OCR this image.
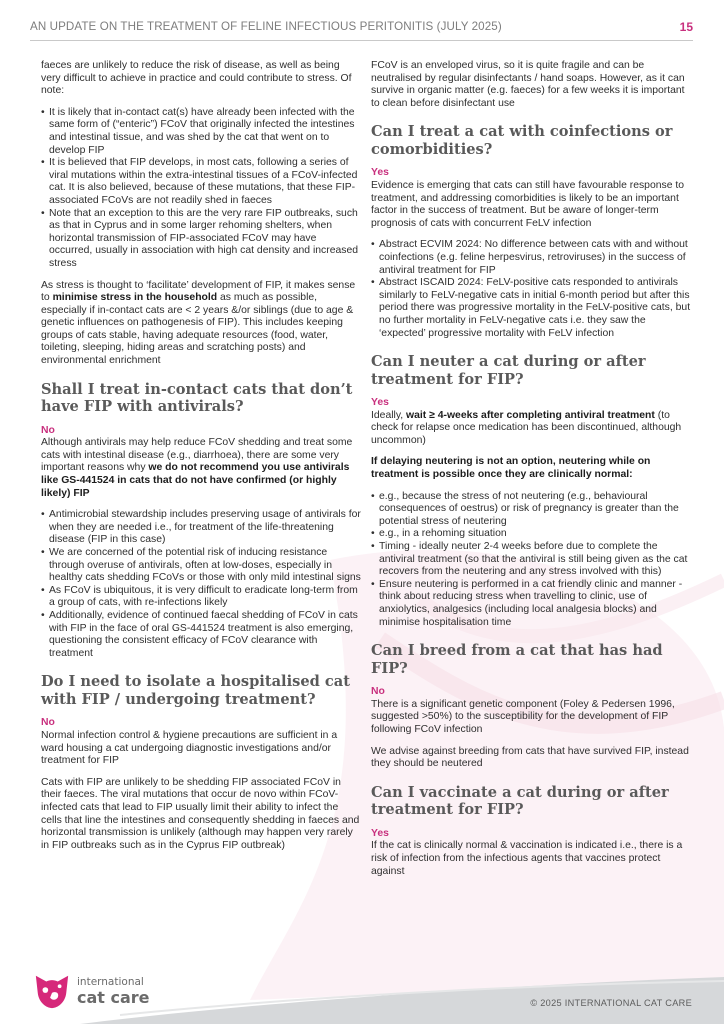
AN UPDATE ON THE TREATMENT OF FELINE INFECTIOUS PERITONITIS (JULY 2025)	15

faeces are unlikely to reduce the risk of disease, as well as being very difficult to achieve in practice and could contribute to stress. Of note:

• It is likely that in-contact cat(s) have already been infected with the same form of (“enteric”) FCoV that originally infected the intestines and intestinal tissue, and was shed by the cat that went on to develop FIP
• It is believed that FIP develops, in most cats, following a series of viral mutations within the extra-intestinal tissues of a FCoV-infected cat. It is also believed, because of these mutations, that these FIP-associated FCoVs are not readily shed in faeces
• Note that an exception to this are the very rare FIP outbreaks, such as that in Cyprus and in some larger rehoming shelters, when horizontal transmission of FIP-associated FCoV may have occurred, usually in association with high cat density and increased stress

As stress is thought to ‘facilitate’ development of FIP, it makes sense to minimise stress in the household as much as possible, especially if in-contact cats are < 2 years &/or siblings (due to age & genetic influences on pathogenesis of FIP). This includes keeping groups of cats stable, having adequate resources (food, water, toileting, sleeping, hiding areas and scratching posts) and environmental enrichment

Shall I treat in-contact cats that don’t have FIP with antivirals?
No

Although antivirals may help reduce FCoV shedding and treat some cats with intestinal disease (e.g., diarrhoea), there are some very important reasons why we do not recommend you use antivirals like GS-441524 in cats that do not have confirmed (or highly likely) FIP

• Antimicrobial stewardship includes preserving usage of antivirals for when they are needed i.e., for treatment of the life-threatening disease (FIP in this case)
• We are concerned of the potential risk of inducing resistance through overuse of antivirals, often at low-doses, especially in healthy cats shedding FCoVs or those with only mild intestinal signs
• As FCoV is ubiquitous, it is very difficult to eradicate long-term from a group of cats, with re-infections likely
• Additionally, evidence of continued faecal shedding of FCoV in cats with FIP in the face of oral GS-441524 treatment is also emerging, questioning the consistent efficacy of FCoV clearance with treatment
Do I need to isolate a hospitalised cat with FIP / undergoing treatment?
No

Normal infection control & hygiene precautions are sufficient in a ward housing a cat undergoing diagnostic investigations and/or treatment for FIP

Cats with FIP are unlikely to be shedding FIP associated FCoV in their faeces. The viral mutations that occur de novo within FCoV-infected cats that lead to FIP usually limit their ability to infect the cells that line the intestines and consequently shedding in faeces and horizontal transmission is unlikely (although may happen very rarely in FIP outbreaks such as in the Cyprus FIP outbreak)

FCoV is an enveloped virus, so it is quite fragile and can be neutralised by regular disinfectants / hand soaps. However, as it can survive in organic matter (e.g. faeces) for a few weeks it is important to clean before disinfectant use

Can I treat a cat with coinfections or comorbidities?
Yes

Evidence is emerging that cats can still have favourable response to treatment, and addressing comorbidities is likely to be an important factor in the success of treatment. But be aware of longer-term prognosis of cats with concurrent FeLV infection

• Abstract ECVIM 2024: No difference between cats with and without coinfections (e.g. feline herpesvirus, retroviruses) in the success of antiviral treatment for FIP
• Abstract ISCAID 2024: FeLV-positive cats responded to antivirals similarly to FeLV-negative cats in initial 6-month period but after this period there was progressive mortality in the FeLV-positive cats, but no further mortality in FeLV-negative cats i.e. they saw the ‘expected’ progressive mortality with FeLV infection
Can I neuter a cat during or after treatment for FIP?
Yes

Ideally, wait ≥ 4-weeks after completing antiviral treatment (to check for relapse once medication has been discontinued, although uncommon)

If delaying neutering is not an option, neutering while on treatment is possible once they are clinically normal:

• e.g., because the stress of not neutering (e.g., behavioural consequences of oestrus) or risk of pregnancy is greater than the potential stress of neutering
• e.g., in a rehoming situation
• Timing - ideally neuter 2-4 weeks before due to complete the antiviral treatment (so that the antiviral is still being given as the cat recovers from the neutering and any stress involved with this)
• Ensure neutering is performed in a cat friendly clinic and manner - think about reducing stress when travelling to clinic, use of anxiolytics, analgesics (including local analgesia blocks) and minimise hospitalisation time
Can I breed from a cat that has had FIP?
No

There is a significant genetic component (Foley & Pedersen 1996, suggested >50%) to the susceptibility for the development of FIP following FCoV infection

We advise against breeding from cats that have survived FIP, instead they should be neutered

Can I vaccinate a cat during or after treatment for FIP?
Yes

If the cat is clinically normal & vaccination is indicated i.e., there is a risk of infection from the infectious agents that vaccines protect against

international
cat care	© 2025 INTERNATIONAL CAT CARE
